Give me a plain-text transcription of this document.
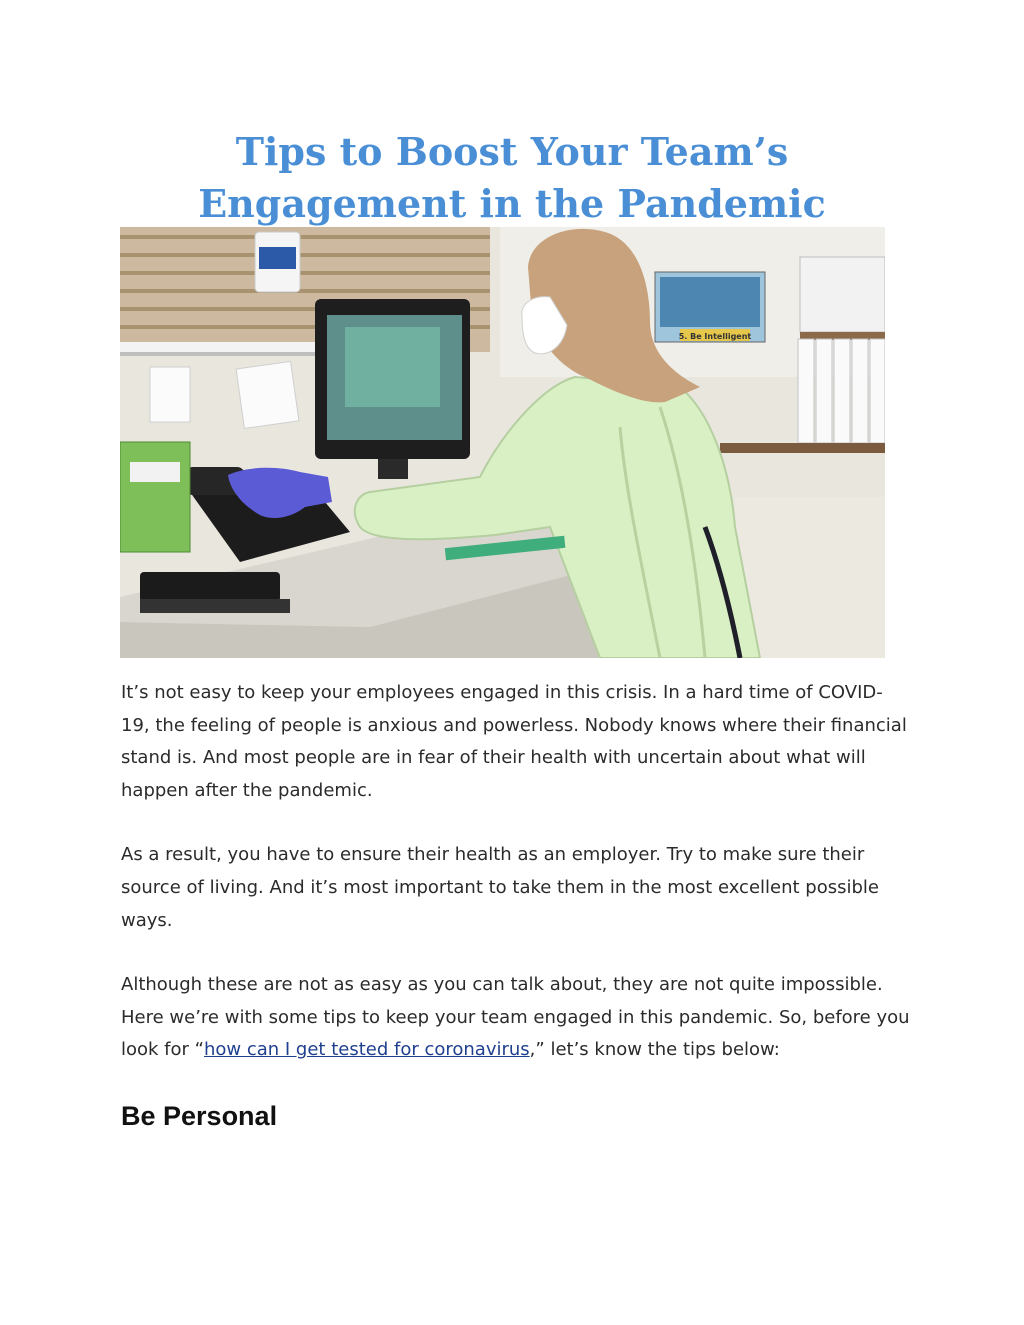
Tips to Boost Your Team’s
Engagement in the Pandemic
5. Be Intelligent

It’s not easy to keep your employees engaged in this crisis. In a hard time of COVID-19, the feeling of people is anxious and powerless. Nobody knows where their financial stand is. And most people are in fear of their health with uncertain about what will happen after the pandemic.

As a result, you have to ensure their health as an employer. Try to make sure their source of living. And it’s most important to take them in the most excellent possible ways.

Although these are not as easy as you can talk about, they are not quite impossible. Here we’re with some tips to keep your team engaged in this pandemic. So, before you look for “how can I get tested for coronavirus,” let’s know the tips below:

Be Personal
